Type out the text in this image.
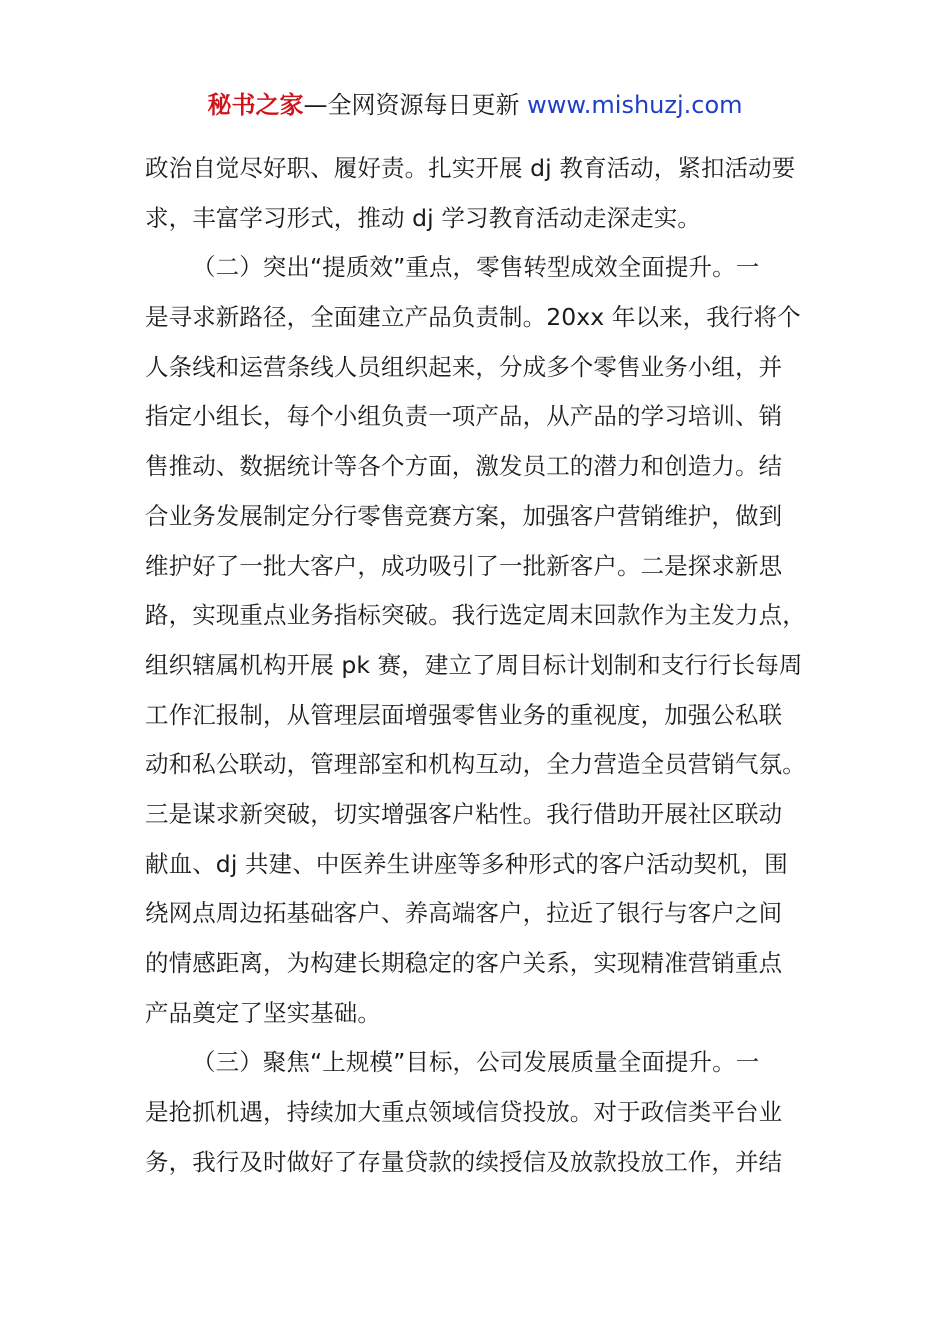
秘书之家—全网资源每日更新 www.mishuzj.com
政治自觉尽好职、履好责。扎实开展 dj 教育活动，紧扣活动要
求，丰富学习形式，推动 dj 学习教育活动走深走实。
（二）突出“提质效”重点，零售转型成效全面提升。一
是寻求新路径，全面建立产品负责制。20xx 年以来，我行将个
人条线和运营条线人员组织起来，分成多个零售业务小组，并
指定小组长，每个小组负责一项产品，从产品的学习培训、销
售推动、数据统计等各个方面，激发员工的潜力和创造力。结
合业务发展制定分行零售竞赛方案，加强客户营销维护，做到
维护好了一批大客户，成功吸引了一批新客户。二是探求新思
路，实现重点业务指标突破。我行选定周末回款作为主发力点，
组织辖属机构开展 pk 赛，建立了周目标计划制和支行行长每周
工作汇报制，从管理层面增强零售业务的重视度，加强公私联
动和私公联动，管理部室和机构互动，全力营造全员营销气氛。
三是谋求新突破，切实增强客户粘性。我行借助开展社区联动
献血、dj 共建、中医养生讲座等多种形式的客户活动契机，围
绕网点周边拓基础客户、养高端客户，拉近了银行与客户之间
的情感距离，为构建长期稳定的客户关系，实现精准营销重点
产品奠定了坚实基础。
（三）聚焦“上规模”目标，公司发展质量全面提升。一
是抢抓机遇，持续加大重点领域信贷投放。对于政信类平台业
务，我行及时做好了存量贷款的续授信及放款投放工作，并结
